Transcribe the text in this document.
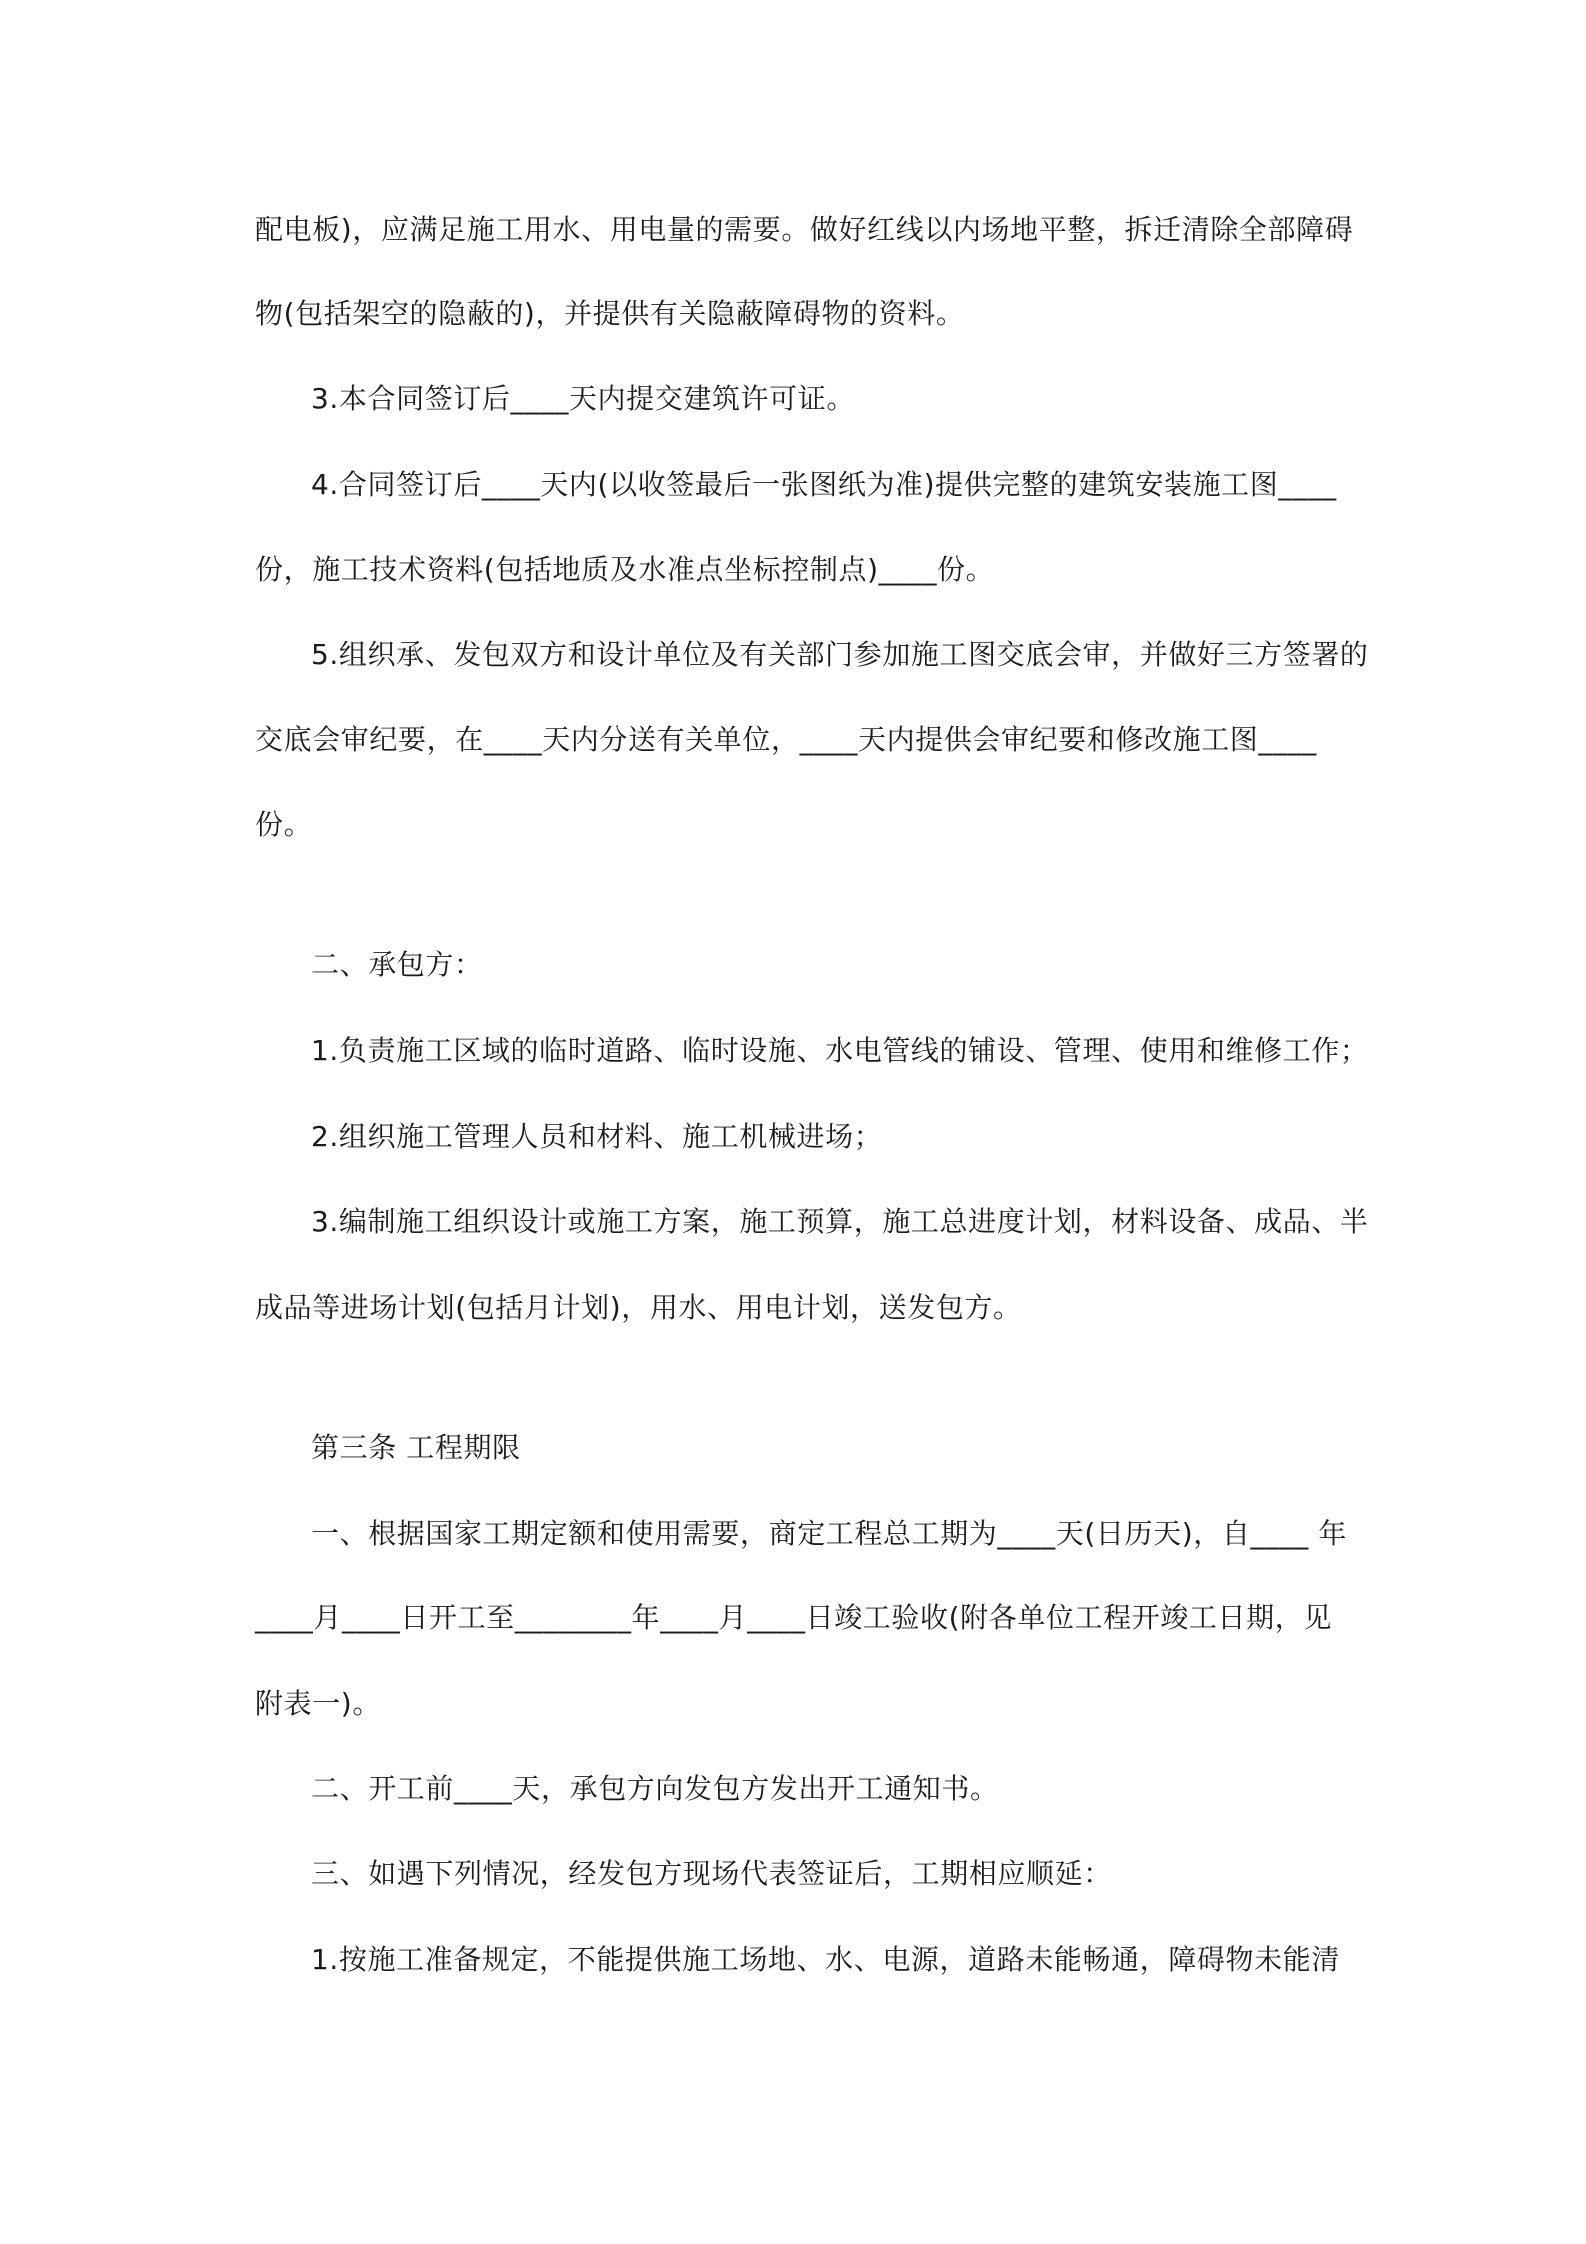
配电板)，应满足施工用水、用电量的需要。做好红线以内场地平整，拆迁清除全部障碍

物(包括架空的隐蔽的)，并提供有关隐蔽障碍物的资料。

3.本合同签订后____天内提交建筑许可证。

4.合同签订后____天内(以收签最后一张图纸为准)提供完整的建筑安装施工图____

份，施工技术资料(包括地质及水准点坐标控制点)____份。

5.组织承、发包双方和设计单位及有关部门参加施工图交底会审，并做好三方签署的

交底会审纪要，在____天内分送有关单位，____天内提供会审纪要和修改施工图____

份。

二、承包方：

1.负责施工区域的临时道路、临时设施、水电管线的铺设、管理、使用和维修工作；

2.组织施工管理人员和材料、施工机械进场；

3.编制施工组织设计或施工方案，施工预算，施工总进度计划，材料设备、成品、半

成品等进场计划(包括月计划)，用水、用电计划，送发包方。

第三条 工程期限

一、根据国家工期定额和使用需要，商定工程总工期为____天(日历天)，自____ 年

____月____日开工至________年____月____日竣工验收(附各单位工程开竣工日期，见

附表一)。

二、开工前____天，承包方向发包方发出开工通知书。

三、如遇下列情况，经发包方现场代表签证后，工期相应顺延：

1.按施工准备规定，不能提供施工场地、水、电源，道路未能畅通，障碍物未能清
